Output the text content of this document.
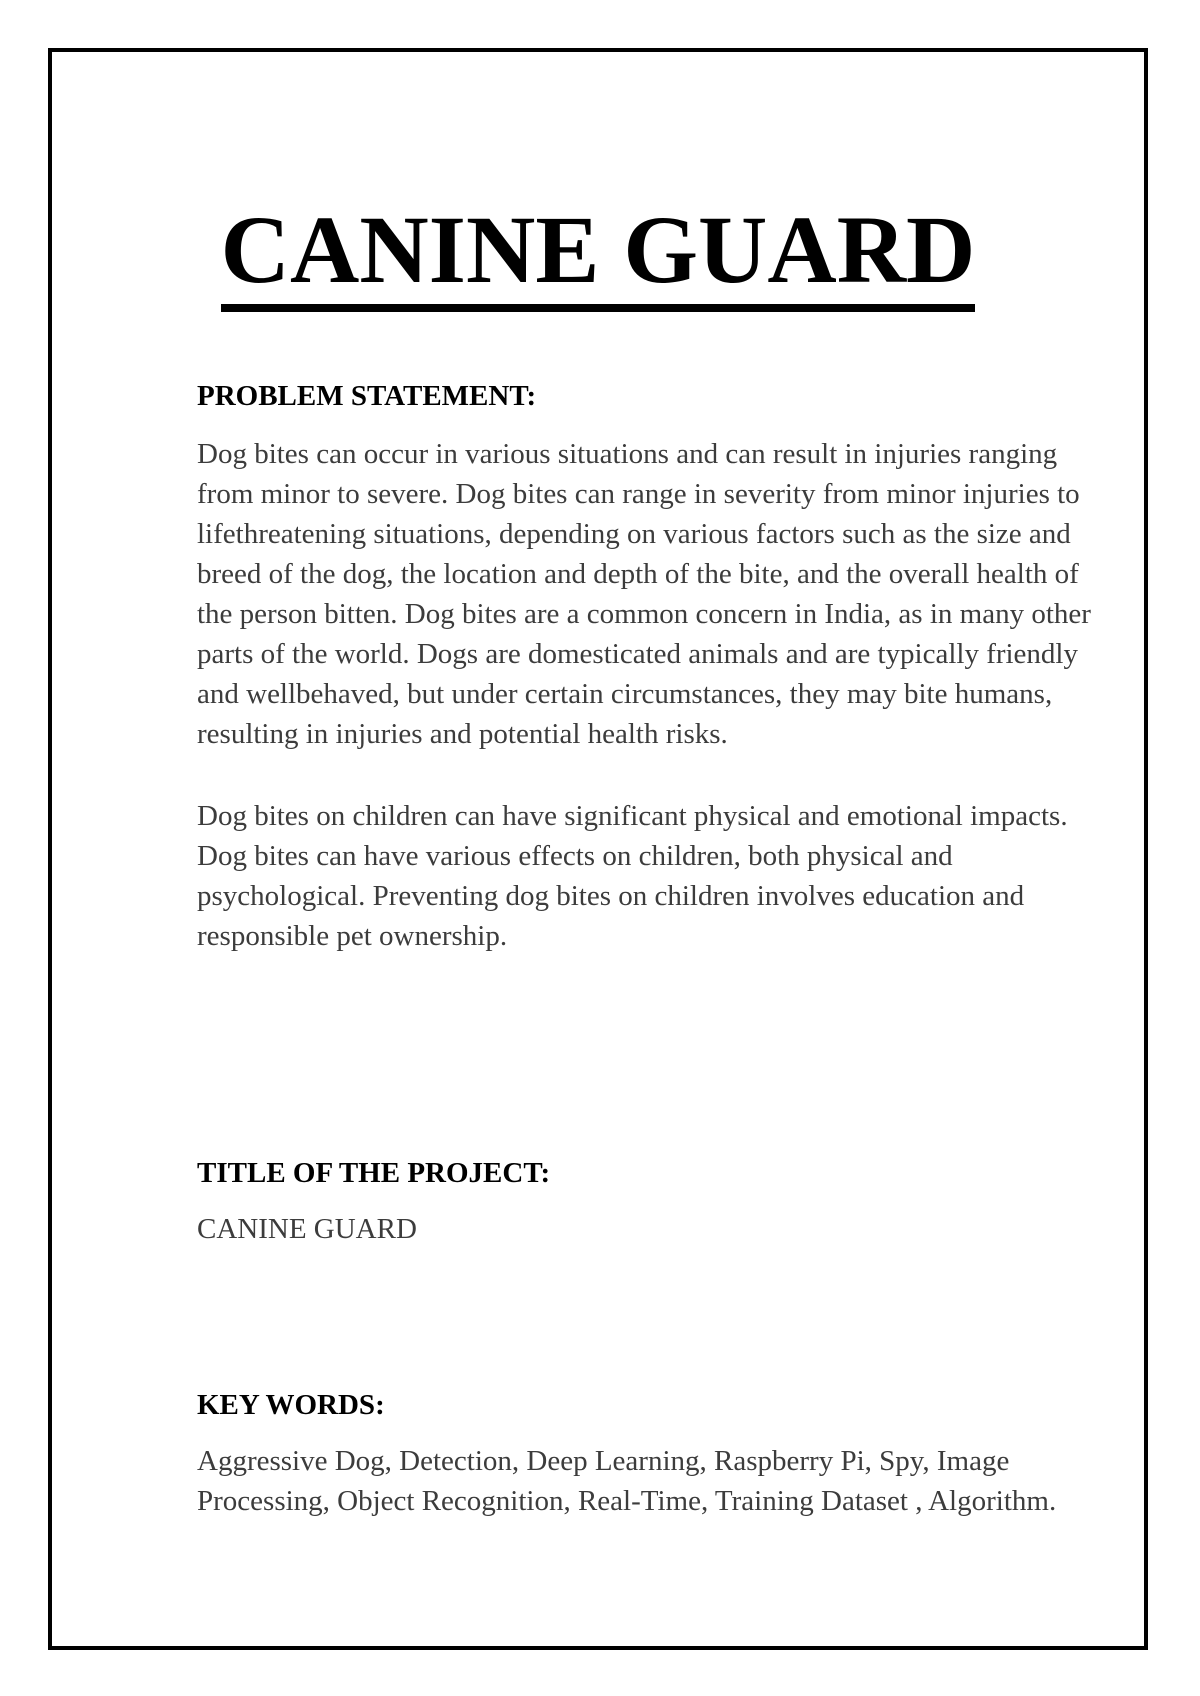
CANINE GUARD
PROBLEM STATEMENT:

Dog bites can occur in various situations and can result in injuries ranging from minor to severe. Dog bites can range in severity from minor injuries to lifethreatening situations, depending on various factors such as the size and breed of the dog, the location and depth of the bite, and the overall health of the person bitten. Dog bites are a common concern in India, as in many other parts of the world. Dogs are domesticated animals and are typically friendly and wellbehaved, but under certain circumstances, they may bite humans, resulting in injuries and potential health risks.

Dog bites on children can have significant physical and emotional impacts. Dog bites can have various effects on children, both physical and psychological. Preventing dog bites on children involves education and responsible pet ownership.

TITLE OF THE PROJECT:

CANINE GUARD

KEY WORDS:

Aggressive Dog, Detection, Deep Learning, Raspberry Pi, Spy, Image Processing, Object Recognition, Real-Time, Training Dataset , Algorithm.
